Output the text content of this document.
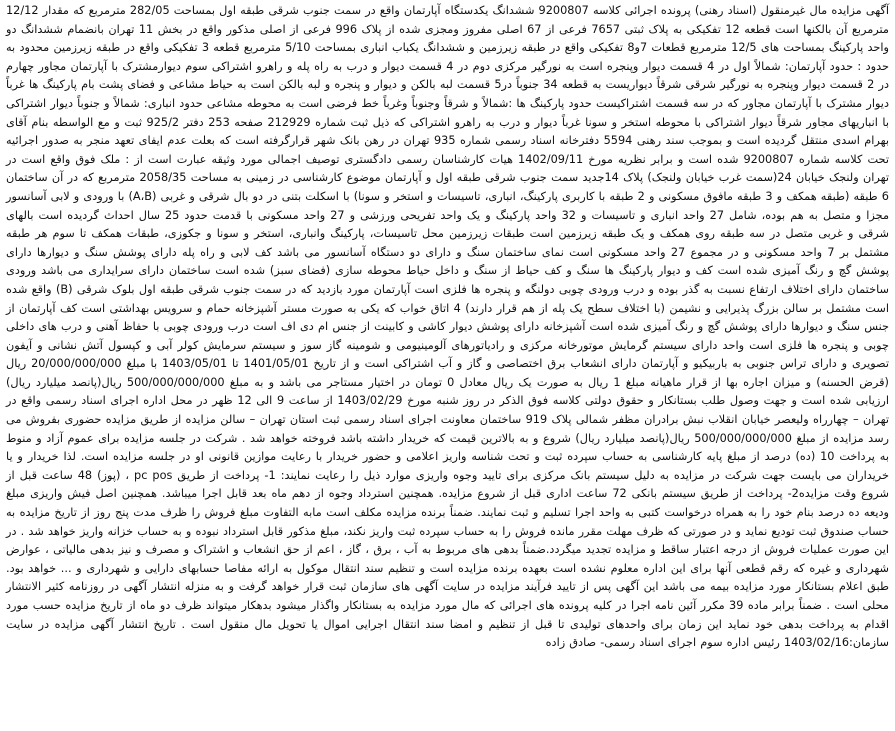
آگهی مزایده مال غیرمنقول (اسناد رهنی) پرونده اجرائی کلاسه 9200807 ششدانگ یکدستگاه آپارتمان واقع در سمت جنوب شرقی طبقه اول بمساحت 282/05 مترمربع که مقدار 12/12 مترمربع آن بالکنها است قطعه 12 تفکیکی به پلاک ثبتی 7657 فرعی از 67 اصلی مفروز ومجزی شده از پلاک 996 فرعی از اصلی مذکور واقع در بخش 11 تهران بانضمام ششدانگ دو واحد پارکینگ بمساحت های 12/5 مترمربع قطعات 7و8 تفکیکی واقع در طبقه زیرزمین و ششدانگ یکباب انباری بمساحت 5/10 مترمربع قطعه 3 تفکیکی واقع در طبقه زیرزمین محدود به حدود : حدود آپارتمان: شمالاً اول در 4 قسمت دیوار وپنجره است به نورگیر مرکزی دوم در 4 قسمت دیوار و درب به راه پله و راهرو اشتراکی سوم دیوارمشترک با آپارتمان مجاور چهارم در 2 قسمت دیوار وپنجره به نورگیر شرقی شرقاً دیواریست به قطعه 34 جنوباً در5 قسمت لبه بالکن و دیوار و پنجره و لبه بالکن است به حیاط مشاعی و فضای پشت بام پارکینگ ها غرباً دیوار مشترک با آپارتمان مجاور که در سه قسمت اشتراکیست حدود پارکینگ ها :شمالاً و شرقاً وجنوباً وغرباً خط فرضی است به محوطه مشاعی حدود انباری: شمالاً و جنوباً دیوار اشتراکی با انباریهای مجاور شرقاً دیوار اشتراکی با محوطه استخر و سونا غرباً دیوار و درب به راهرو اشتراکی که ذیل ثبت شماره 212929 صفحه 253 دفتر 925/2 ثبت و مع الواسطه بنام آقای بهرام اسدی منتقل گردیده است و بموجب سند رهنی 5594 دفترخانه اسناد رسمی شماره 935 تهران در رهن بانک شهر قرارگرفته است که بعلت عدم ایفای تعهد منجر به صدور اجرائیه تحت کلاسه شماره 9200807 شده است و برابر نظریه مورخ 1402/09/11 هیات کارشناسان رسمی دادگستری توصیف اجمالی مورد وثیقه عبارت است از : ملک فوق واقع است در تهران ولنجک خیابان 24(سمت غرب خیابان ولنجک) پلاک 14جدید سمت جنوب شرقی طبقه اول و آپارتمان موضوع کارشناسی در زمینی به مساحت 2058/35 مترمربع که در آن ساختمان 6 طبقه (طبقه همکف و 3 طبقه مافوق مسکونی و 2 طبقه با کاربری پارکینگ، انباری، تاسیسات و استخر و سونا) با اسکلت بتنی در دو بال شرقی و غربی (A،B) با ورودی و لابی آسانسور مجزا و متصل به هم بوده، شامل 27 واحد انباری و تاسیسات و 32 واحد پارکینگ و یک واحد تفریحی ورزشی و 27 واحد مسکونی با قدمت حدود 25 سال احداث گردیده است بالهای شرقی و غربی متصل در سه طبقه روی همکف و یک طبقه زیرزمین است طبقات زیرزمین محل تاسیسات، پارکینگ وانباری، استخر و سونا و جکوزی، طبقات همکف تا سوم هر طبقه مشتمل بر 7 واحد مسکونی و در مجموع 27 واحد مسکونی است نمای ساختمان سنگ و دارای دو دستگاه آسانسور می باشد کف لابی و راه پله دارای پوشش سنگ و دیوارها دارای پوشش گچ و رنگ آمیزی شده است کف و دیوار پارکینگ ها سنگ و کف حیاط از سنگ و داخل حیاط محوطه سازی (فضای سبز) شده است ساختمان دارای سرایداری می باشد ورودی ساختمان دارای اختلاف ارتفاع نسبت به گذر بوده و درب ورودی چوبی دولنگه و پنجره ها فلزی است آپارتمان مورد بازدید که در سمت جنوب شرقی طبقه اول بلوک شرقی (B) واقع شده است مشتمل بر سالن بزرگ پذیرایی و نشیمن (با اختلاف سطح یک پله از هم قرار دارند) 4 اتاق خواب که یکی به صورت مستر آشپزخانه حمام و سرویس بهداشتی است کف آپارتمان از جنس سنگ و دیوارها دارای پوشش گچ و رنگ آمیزی شده است آشپزخانه دارای پوشش دیوار کاشی و کابینت از جنس ام دی اف است درب ورودی چوبی با حفاظ آهنی و درب های داخلی چوبی و پنجره ها فلزی است واحد دارای سیستم گرمایش موتورخانه مرکزی و رادیاتورهای آلومینیومی و شومینه گاز سوز و سیستم سرمایش کولر آبی و کپسول آتش نشانی و آیفون تصویری و دارای تراس جنوبی به باربیکیو و آپارتمان دارای انشعاب برق اختصاصی و گاز و آب اشتراکی است و از تاریخ 1401/05/01 تا 1403/05/01 با مبلغ 20/000/000/000 ریال (قرض الحسنه) و میزان اجاره بها از قرار ماهیانه مبلغ 1 ریال به صورت یک ریال معادل 0 تومان در اختیار مستاجر می باشد و به مبلغ 500/000/000/000 ریال(پانصد میلیارد ریال) ارزیابی شده است و جهت وصول طلب بستانکار و حقوق دولتی کلاسه فوق الذکر در روز شنبه مورخ 1403/02/29 از ساعت 9 الی 12 ظهر در محل اداره اجرای اسناد رسمی واقع در تهران – چهارراه ولیعصر خیابان انقلاب نبش برادران مظفر شمالی پلاک 919 ساختمان معاونت اجرای اسناد رسمی ثبت استان تهران – سالن مزایده از طریق مزایده حضوری بفروش می رسد مزایده از مبلغ 500/000/000/000 ریال(پانصد میلیارد ریال) شروع و به بالاترین قیمت که خریدار داشته باشد فروخته خواهد شد . شرکت در جلسه مزایده برای عموم آزاد و منوط به پرداخت 10 (ده) درصد از مبلغ پایه کارشناسی به حساب سپرده ثبت و تحت شناسه واریز اعلامی و حضور خریدار با رعایت موازین قانونی او در جلسه مزایده است. لذا خریدار و یا خریداران می بایست جهت شرکت در مزایده به دلیل سیستم بانک مرکزی برای تایید وجوه واریزی موارد ذیل را رعایت نمایند: 1- پرداخت از طریق pc pos ، (پوز) 48 ساعت قبل از شروع وقت مزایده2- پرداخت از طریق سیستم بانکی 72 ساعت اداری قبل از شروع مزایده. همچنین استرداد وجوه از دهم ماه بعد قابل اجرا میباشد. همچنین اصل فیش واریزی مبلغ ودیعه ده درصد بنام خود را به همراه درخواست کتبی به واحد اجرا تسلیم و ثبت نمایند. ضمناً برنده مزایده مکلف است مابه التفاوت مبلغ فروش را ظرف مدت پنج روز از تاریخ مزایده به حساب صندوق ثبت تودیع نماید و در صورتی که ظرف مهلت مقرر مانده فروش را به حساب سپرده ثبت واریز نکند، مبلغ مذکور قابل استرداد نبوده و به حساب خزانه واریز خواهد شد . در این صورت عملیات فروش از درجه اعتبار ساقط و مزایده تجدید میگردد.ضمناً بدهی های مربوط به آب ، برق ، گاز ، اعم از حق انشعاب و اشتراک و مصرف و نیز بدهی مالیاتی ، عوارض شهرداری و غیره که رقم قطعی آنها برای این اداره معلوم نشده است بعهده برنده مزایده است و تنظیم سند انتقال موکول به ارائه مفاصا حسابهای دارایی و شهرداری و ... خواهد بود. طبق اعلام بستانکار مورد مزایده بیمه می باشد این آگهی پس از تایید فرآیند مزایده در سایت آگهی های سازمان ثبت قرار خواهد گرفت و به منزله انتشار آگهی در روزنامه کثیر الانتشار محلی است . ضمناً برابر ماده 39 مکرر آئین نامه اجرا در کلیه پرونده های اجرائی که مال مورد مزایده به بستانکار واگذار میشود بدهکار میتواند ظرف دو ماه از تاریخ مزایده حسب مورد اقدام به پرداخت بدهی خود نماید این زمان برای واحدهای تولیدی تا قبل از تنظیم و امضا سند انتقال اجرایی اموال یا تحویل مال منقول است . تاریخ انتشار آگهی مزایده در سایت سازمان:1403/02/16 رئیس اداره سوم اجرای اسناد رسمی- صادق زاده
